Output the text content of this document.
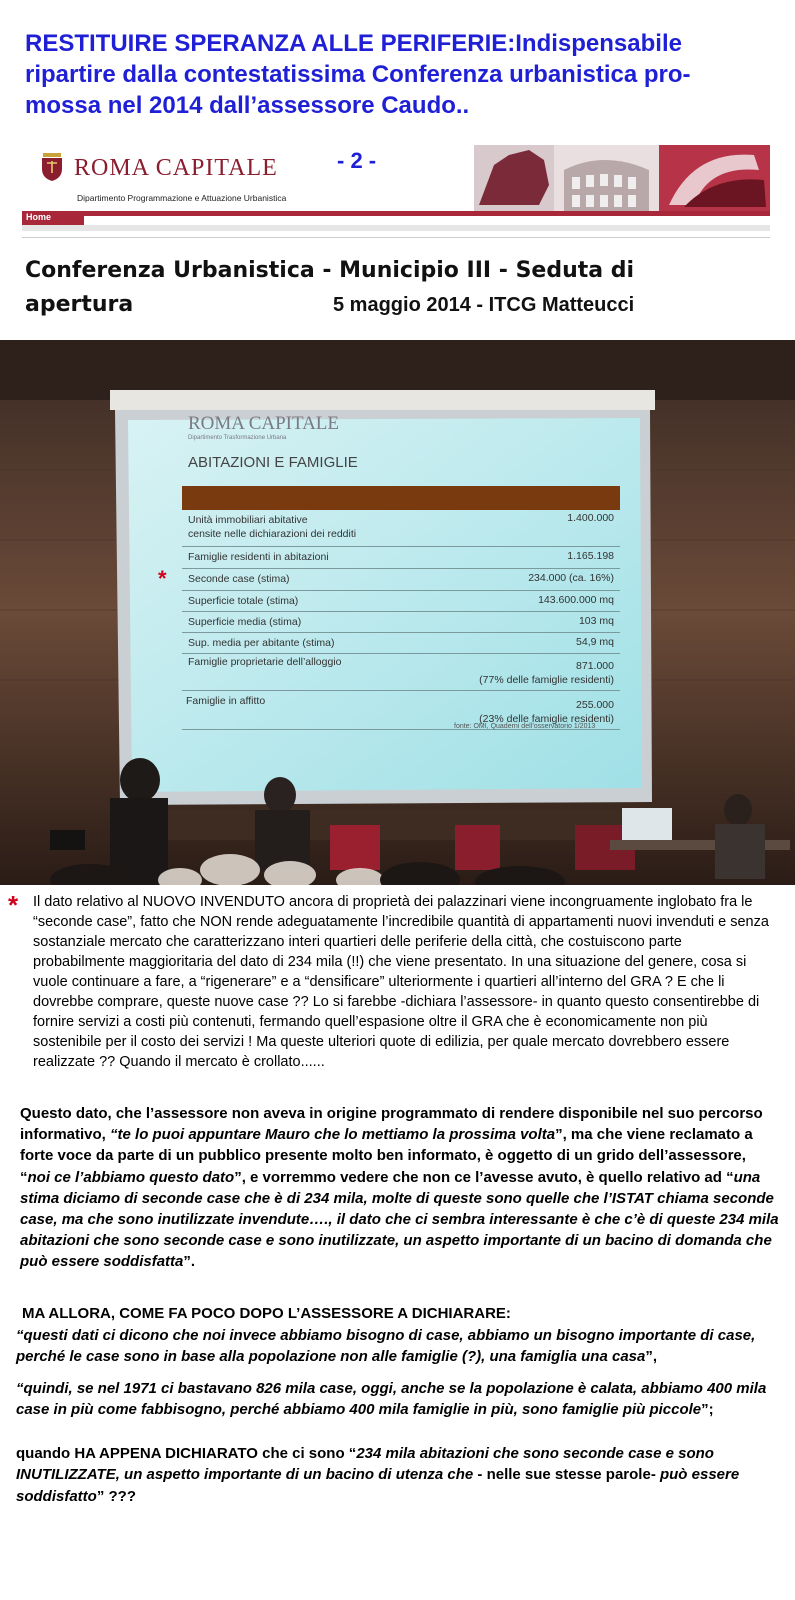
RESTITUIRE SPERANZA ALLE PERIFERIE:Indispensabile
ripartire dalla contestatissima Conferenza urbanistica pro-
mossa nel 2014 dall’assessore Caudo..
ROMA CAPITALE
Dipartimento Programmazione e Attuazione Urbanistica
- 2 -
Home
Conferenza Urbanistica - Municipio III - Seduta di
apertura	5 maggio 2014 - ITCG Matteucci
ROMA CAPITALE
Dipartimento Trasformazione Urbana
ABITAZIONI E FAMIGLIE
Unità immobiliari abitative
censite nelle dichiarazioni dei redditi
1.400.000
Famiglie residenti in abitazioni	1.165.198
Seconde case (stima)	234.000 (ca. 16%)
Superficie totale (stima)	143.600.000 mq
Superficie media (stima)	103 mq
Sup. media per abitante (stima)	54,9 mq
Famiglie proprietarie dell’alloggio	871.000
(77% delle famiglie residenti)
Famiglie in affitto	255.000
(23% delle famiglie residenti)
fonte: OMI, Quaderni dell’osservatorio 1/2013
*
* Il dato relativo al NUOVO INVENDUTO ancora di proprietà dei palazzinari viene incongruamente inglobato fra le “seconde case”, fatto che NON rende adeguatamente l’incredibile quantità di appartamenti nuovi invenduti e senza sostanziale mercato che caratterizzano interi quartieri delle periferie della città, che costuiscono parte probabilmente maggioritaria del dato di 234 mila (!!) che viene presentato. In una situazione del genere, cosa si vuole continuare a fare, a “rigenerare” e a “densificare” ulteriormente i quartieri all’interno del GRA ? E che li dovrebbe comprare, queste nuove case ?? Lo si farebbe -dichiara l’assessore- in quanto questo consentirebbe di fornire servizi a costi più contenuti, fermando quell’espasione oltre il GRA che è economicamente non più sostenibile per il costo dei servizi ! Ma queste ulteriori quote di edilizia, per quale mercato dovrebbero essere realizzate ?? Quando il mercato è crollato......

Questo dato, che l’assessore non aveva in origine programmato di rendere disponibile nel suo percorso informativo, “te lo puoi appuntare Mauro che lo mettiamo la prossima volta”, ma che viene reclamato a forte voce da parte di un pubblico presente molto ben informato, è oggetto di un grido dell’assessore, “noi ce l’abbiamo questo dato”, e vorremmo vedere che non ce l’avesse avuto, è quello relativo ad “una stima diciamo di seconde case che è di 234 mila, molte di queste sono quelle che l’ISTAT chiama seconde case, ma che sono inutilizzate invendute…., il dato che ci sembra interessante è che c’è di queste 234 mila abitazioni che sono seconde case e sono inutilizzate, un aspetto importante di un bacino di domanda che può essere soddisfatta”.

MA ALLORA, COME FA POCO DOPO L’ASSESSORE A DICHIARARE:

“questi dati ci dicono che noi invece abbiamo bisogno di case, abbiamo un bisogno importante di case, perché le case sono in base alla popolazione non alle famiglie (?), una famiglia una casa”,

“quindi, se nel 1971 ci bastavano 826 mila case, oggi, anche se la popolazione è calata, abbiamo 400 mila case in più come fabbisogno, perché abbiamo 400 mila famiglie in più, sono famiglie più piccole”;

quando HA APPENA DICHIARATO che ci sono “234 mila abitazioni che sono seconde case e sono INUTILIZZATE, un aspetto importante di un bacino di utenza che - nelle sue stesse parole- può essere soddisfatto” ???
